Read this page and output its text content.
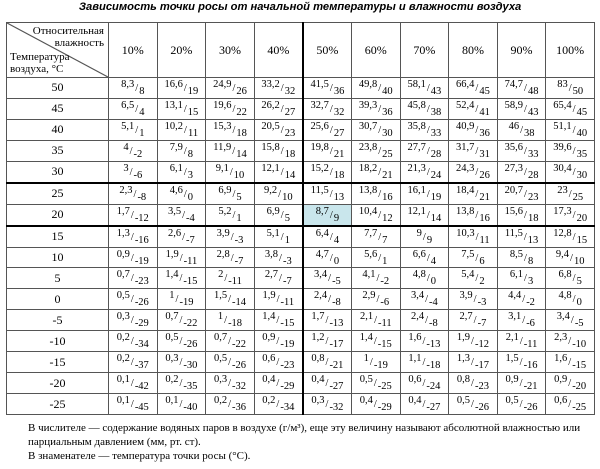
Зависимость точки росы от начальной температуры и влажности воздуха
Относительная влажность
Температура воздуха, °С	10%	20%	30%	40%	50%	60%	70%	80%	90%	100%
50	8,3/8	16,6/19	24,9/26	33,2/32	41,5/36	49,8/40	58,1/43	66,4/45	74,7/48	83/50
45	6,5/4	13,1/15	19,6/22	26,2/27	32,7/32	39,3/36	45,8/38	52,4/41	58,9/43	65,4/45
40	5,1/1	10,2/11	15,3/18	20,5/23	25,6/27	30,7/30	35,8/33	40,9/36	46/38	51,1/40
35	4/-2	7,9/8	11,9/14	15,8/18	19,8/21	23,8/25	27,7/28	31,7/31	35,6/33	39,6/35
30	3/-6	6,1/3	9,1/10	12,1/14	15,2/18	18,2/21	21,3/24	24,3/26	27,3/28	30,4/30
25	2,3/-8	4,6/0	6,9/5	9,2/10	11,5/13	13,8/16	16,1/19	18,4/21	20,7/23	23/25
20	1,7/-12	3,5/-4	5,2/1	6,9/5	8,7/9	10,4/12	12,1/14	13,8/16	15,6/18	17,3/20
15	1,3/-16	2,6/-7	3,9/-3	5,1/1	6,4/4	7,7/7	9/9	10,3/11	11,5/13	12,8/15
10	0,9/-19	1,9/-11	2,8/-7	3,8/-3	4,7/0	5,6/1	6,6/4	7,5/6	8,5/8	9,4/10
5	0,7/-23	1,4/-15	2/-11	2,7/-7	3,4/-5	4,1/-2	4,8/0	5,4/2	6,1/3	6,8/5
0	0,5/-26	1/-19	1,5/-14	1,9/-11	2,4/-8	2,9/-6	3,4/-4	3,9/-3	4,4/-2	4,8/0
-5	0,3/-29	0,7/-22	1/-18	1,4/-15	1,7/-13	2,1/-11	2,4/-8	2,7/-7	3,1/-6	3,4/-5
-10	0,2/-34	0,5/-26	0,7/-22	0,9/-19	1,2/-17	1,4/-15	1,6/-13	1,9/-12	2,1/-11	2,3/-10
-15	0,2/-37	0,3/-30	0,5/-26	0,6/-23	0,8/-21	1/-19	1,1/-18	1,3/-17	1,5/-16	1,6/-15
-20	0,1/-42	0,2/-35	0,3/-32	0,4/-29	0,4/-27	0,5/-25	0,6/-24	0,8/-23	0,9/-21	0,9/-20
-25	0,1/-45	0,1/-40	0,2/-36	0,2/-34	0,3/-32	0,4/-29	0,4/-27	0,5/-26	0,5/-26	0,6/-25

В числителе — содержание водяных паров в воздухе (г/м³), еще эту величину называют абсолютной влажностью или парциальным давлением (мм, рт. ст).

В знаменателе — температура точки росы (°С).
